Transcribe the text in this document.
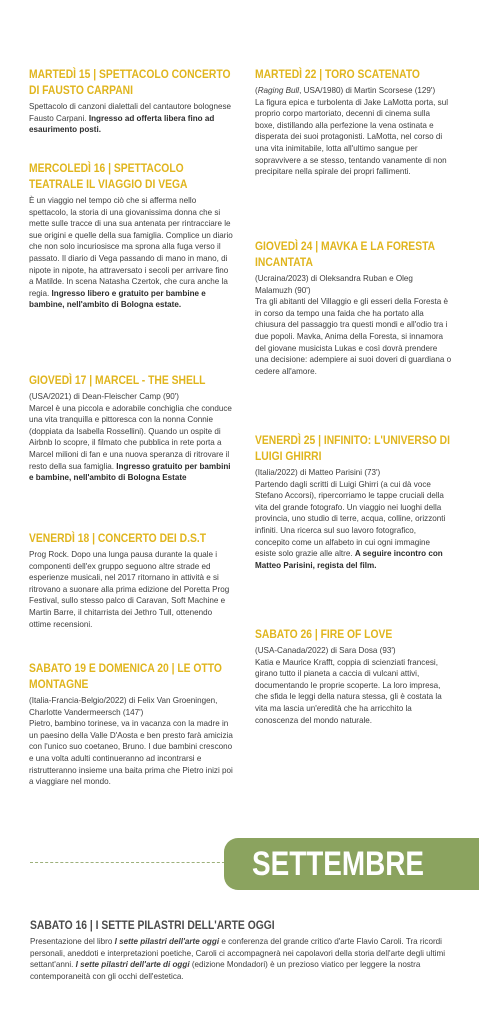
MARTEDÌ 15 | SPETTACOLO CONCERTO DI FAUSTO CARPANI

Spettacolo di canzoni dialettali del cantautore bolognese Fausto Carpani. Ingresso ad offerta libera fino ad esaurimento posti.

MERCOLEDÌ 16 | SPETTACOLO TEATRALE IL VIAGGIO DI VEGA

È un viaggio nel tempo ciò che si afferma nello spettacolo, la storia di una giovanissima donna che si mette sulle tracce di una sua antenata per rintracciare le sue origini e quelle della sua famiglia. Complice un diario che non solo incuriosisce ma sprona alla fuga verso il passato. Il diario di Vega passando di mano in mano, di nipote in nipote, ha attraversato i secoli per arrivare fino a Matilde. In scena Natasha Czertok, che cura anche la regia. Ingresso libero e gratuito per bambine e bambine, nell'ambito di Bologna estate.

GIOVEDÌ 17 | MARCEL - THE SHELL

(USA/2021) di Dean-Fleischer Camp (90')
Marcel è una piccola e adorabile conchiglia che conduce una vita tranquilla e pittoresca con la nonna Connie (doppiata da Isabella Rossellini). Quando un ospite di Airbnb lo scopre, il filmato che pubblica in rete porta a Marcel milioni di fan e una nuova speranza di ritrovare il resto della sua famiglia. Ingresso gratuito per bambini e bambine, nell'ambito di Bologna Estate

VENERDÌ 18 | CONCERTO DEI D.S.T

Prog Rock. Dopo una lunga pausa durante la quale i componenti dell'ex gruppo seguono altre strade ed esperienze musicali, nel 2017 ritornano in attività e si ritrovano a suonare alla prima edizione del Poretta Prog Festival, sullo stesso palco di Caravan, Soft Machine e Martin Barre, il chitarrista dei Jethro Tull, ottenendo ottime recensioni.

SABATO 19 E DOMENICA 20 | LE OTTO MONTAGNE

(Italia-Francia-Belgio/2022) di Felix Van Groeningen, Charlotte Vandermeersch (147')
Pietro, bambino torinese, va in vacanza con la madre in un paesino della Valle D'Aosta e ben presto farà amicizia con l'unico suo coetaneo, Bruno. I due bambini crescono e una volta adulti continueranno ad incontrarsi e ristrutteranno insieme una baita prima che Pietro inizi poi a viaggiare nel mondo.

MARTEDÌ 22 | TORO SCATENATO

(Raging Bull, USA/1980) di Martin Scorsese (129')
La figura epica e turbolenta di Jake LaMotta porta, sul proprio corpo martoriato, decenni di cinema sulla boxe, distillando alla perfezione la vena ostinata e disperata dei suoi protagonisti. LaMotta, nel corso di una vita inimitabile, lotta all'ultimo sangue per sopravvivere a se stesso, tentando vanamente di non precipitare nella spirale dei propri fallimenti.

GIOVEDÌ 24 | MAVKA E LA FORESTA INCANTATA

(Ucraina/2023) di Oleksandra Ruban e Oleg Malamuzh (90')
Tra gli abitanti del Villaggio e gli esseri della Foresta è in corso da tempo una faida che ha portato alla chiusura del passaggio tra questi mondi e all'odio tra i due popoli. Mavka, Anima della Foresta, si innamora del giovane musicista Lukas e così dovrà prendere una decisione: adempiere ai suoi doveri di guardiana o cedere all'amore.

VENERDÌ 25 | INFINITO: L'UNIVERSO DI LUIGI GHIRRI

(Italia/2022) di Matteo Parisini (73')
Partendo dagli scritti di Luigi Ghirri (a cui dà voce Stefano Accorsi), ripercorriamo le tappe cruciali della vita del grande fotografo. Un viaggio nei luoghi della provincia, uno studio di terre, acqua, colline, orizzonti infiniti. Una ricerca sul suo lavoro fotografico, concepito come un alfabeto in cui ogni immagine esiste solo grazie alle altre. A seguire incontro con Matteo Parisini, regista del film.

SABATO 26 | FIRE OF LOVE

(USA-Canada/2022) di Sara Dosa (93')
Katia e Maurice Krafft, coppia di scienziati francesi, girano tutto il pianeta a caccia di vulcani attivi, documentando le proprie scoperte. La loro impresa, che sfida le leggi della natura stessa, gli è costata la vita ma lascia un'eredità che ha arricchito la conoscenza del mondo naturale.

SETTEMBRE
SABATO 16 | I SETTE PILASTRI DELL'ARTE OGGI

Presentazione del libro I sette pilastri dell'arte oggi e conferenza del grande critico d'arte Flavio Caroli. Tra ricordi personali, aneddoti e interpretazioni poetiche, Caroli ci accompagnerà nei capolavori della storia dell'arte degli ultimi settant'anni. I sette pilastri dell'arte di oggi (edizione Mondadori) è un prezioso viatico per leggere la nostra contemporaneità con gli occhi dell'estetica.
